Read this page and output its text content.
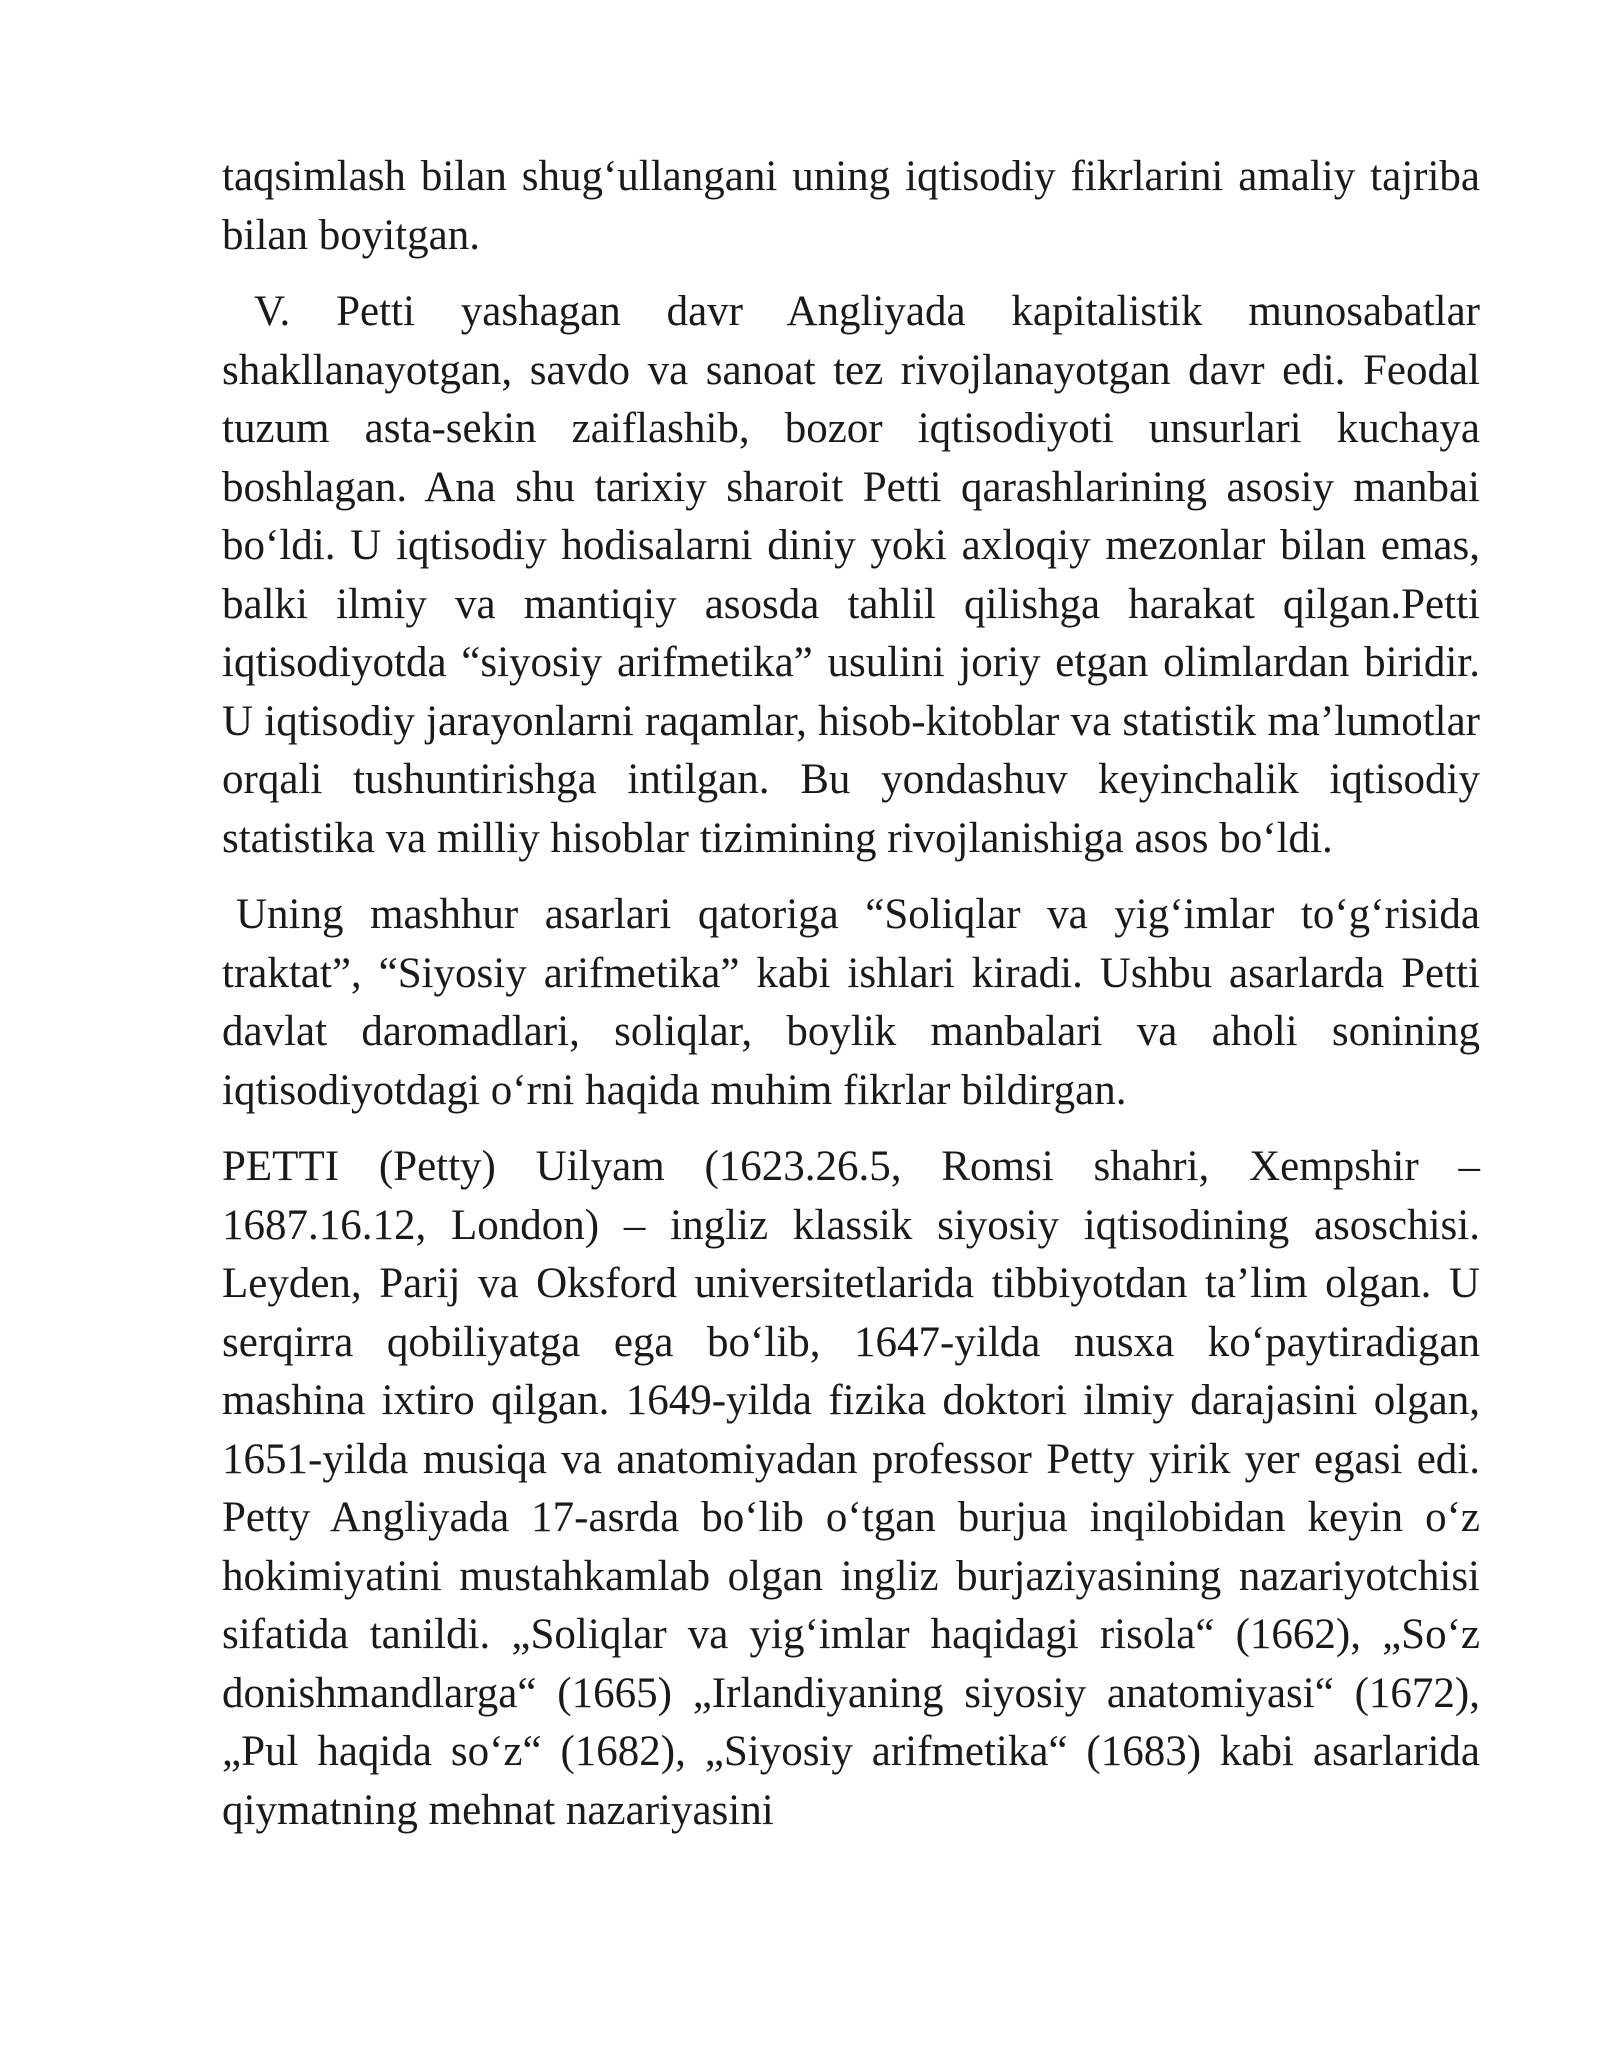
taqsimlash bilan shug‘ullangani uning iqtisodiy fikrlarini amaliy tajriba bilan boyitgan.

V. Petti yashagan davr Angliyada kapitalistik munosabatlar shakllanayotgan, savdo va sanoat tez rivojlanayotgan davr edi. Feodal tuzum asta-sekin zaiflashib, bozor iqtisodiyoti unsurlari kuchaya boshlagan. Ana shu tarixiy sharoit Petti qarashlarining asosiy manbai bo‘ldi. U iqtisodiy hodisalarni diniy yoki axloqiy mezonlar bilan emas, balki ilmiy va mantiqiy asosda tahlil qilishga harakat qilgan.Petti iqtisodiyotda “siyosiy arifmetika” usulini joriy etgan olimlardan biridir. U iqtisodiy jarayonlarni raqamlar, hisob-kitoblar va statistik ma’lumotlar orqali tushuntirishga intilgan. Bu yondashuv keyinchalik iqtisodiy statistika va milliy hisoblar tizimining rivojlanishiga asos bo‘ldi.

Uning mashhur asarlari qatoriga “Soliqlar va yig‘imlar to‘g‘risida traktat”, “Siyosiy arifmetika” kabi ishlari kiradi. Ushbu asarlarda Petti davlat daromadlari, soliqlar, boylik manbalari va aholi sonining iqtisodiyotdagi o‘rni haqida muhim fikrlar bildirgan.

PETTI (Petty) Uilyam (1623.26.5, Romsi shahri, Xempshir – 1687.16.12, London) – ingliz klassik siyosiy iqtisodining asoschisi. Leyden, Parij va Oksford universitetlarida tibbiyotdan ta’lim olgan. U serqirra qobiliyatga ega bo‘lib, 1647-yilda nusxa ko‘paytiradigan mashina ixtiro qilgan. 1649-yilda fizika doktori ilmiy darajasini olgan, 1651-yilda musiqa va anatomiyadan professor Petty yirik yer egasi edi. Petty Angliyada 17-asrda bo‘lib o‘tgan burjua inqilobidan keyin o‘z hokimiyatini mustahkamlab olgan ingliz burjaziyasining nazariyotchisi sifatida tanildi. „Soliqlar va yig‘imlar haqidagi risola“ (1662), „So‘z donishmandlarga“ (1665) „Irlandiyaning siyosiy anatomiyasi“ (1672), „Pul haqida so‘z“ (1682), „Siyosiy arifmetika“ (1683) kabi asarlarida qiymatning mehnat nazariyasini
